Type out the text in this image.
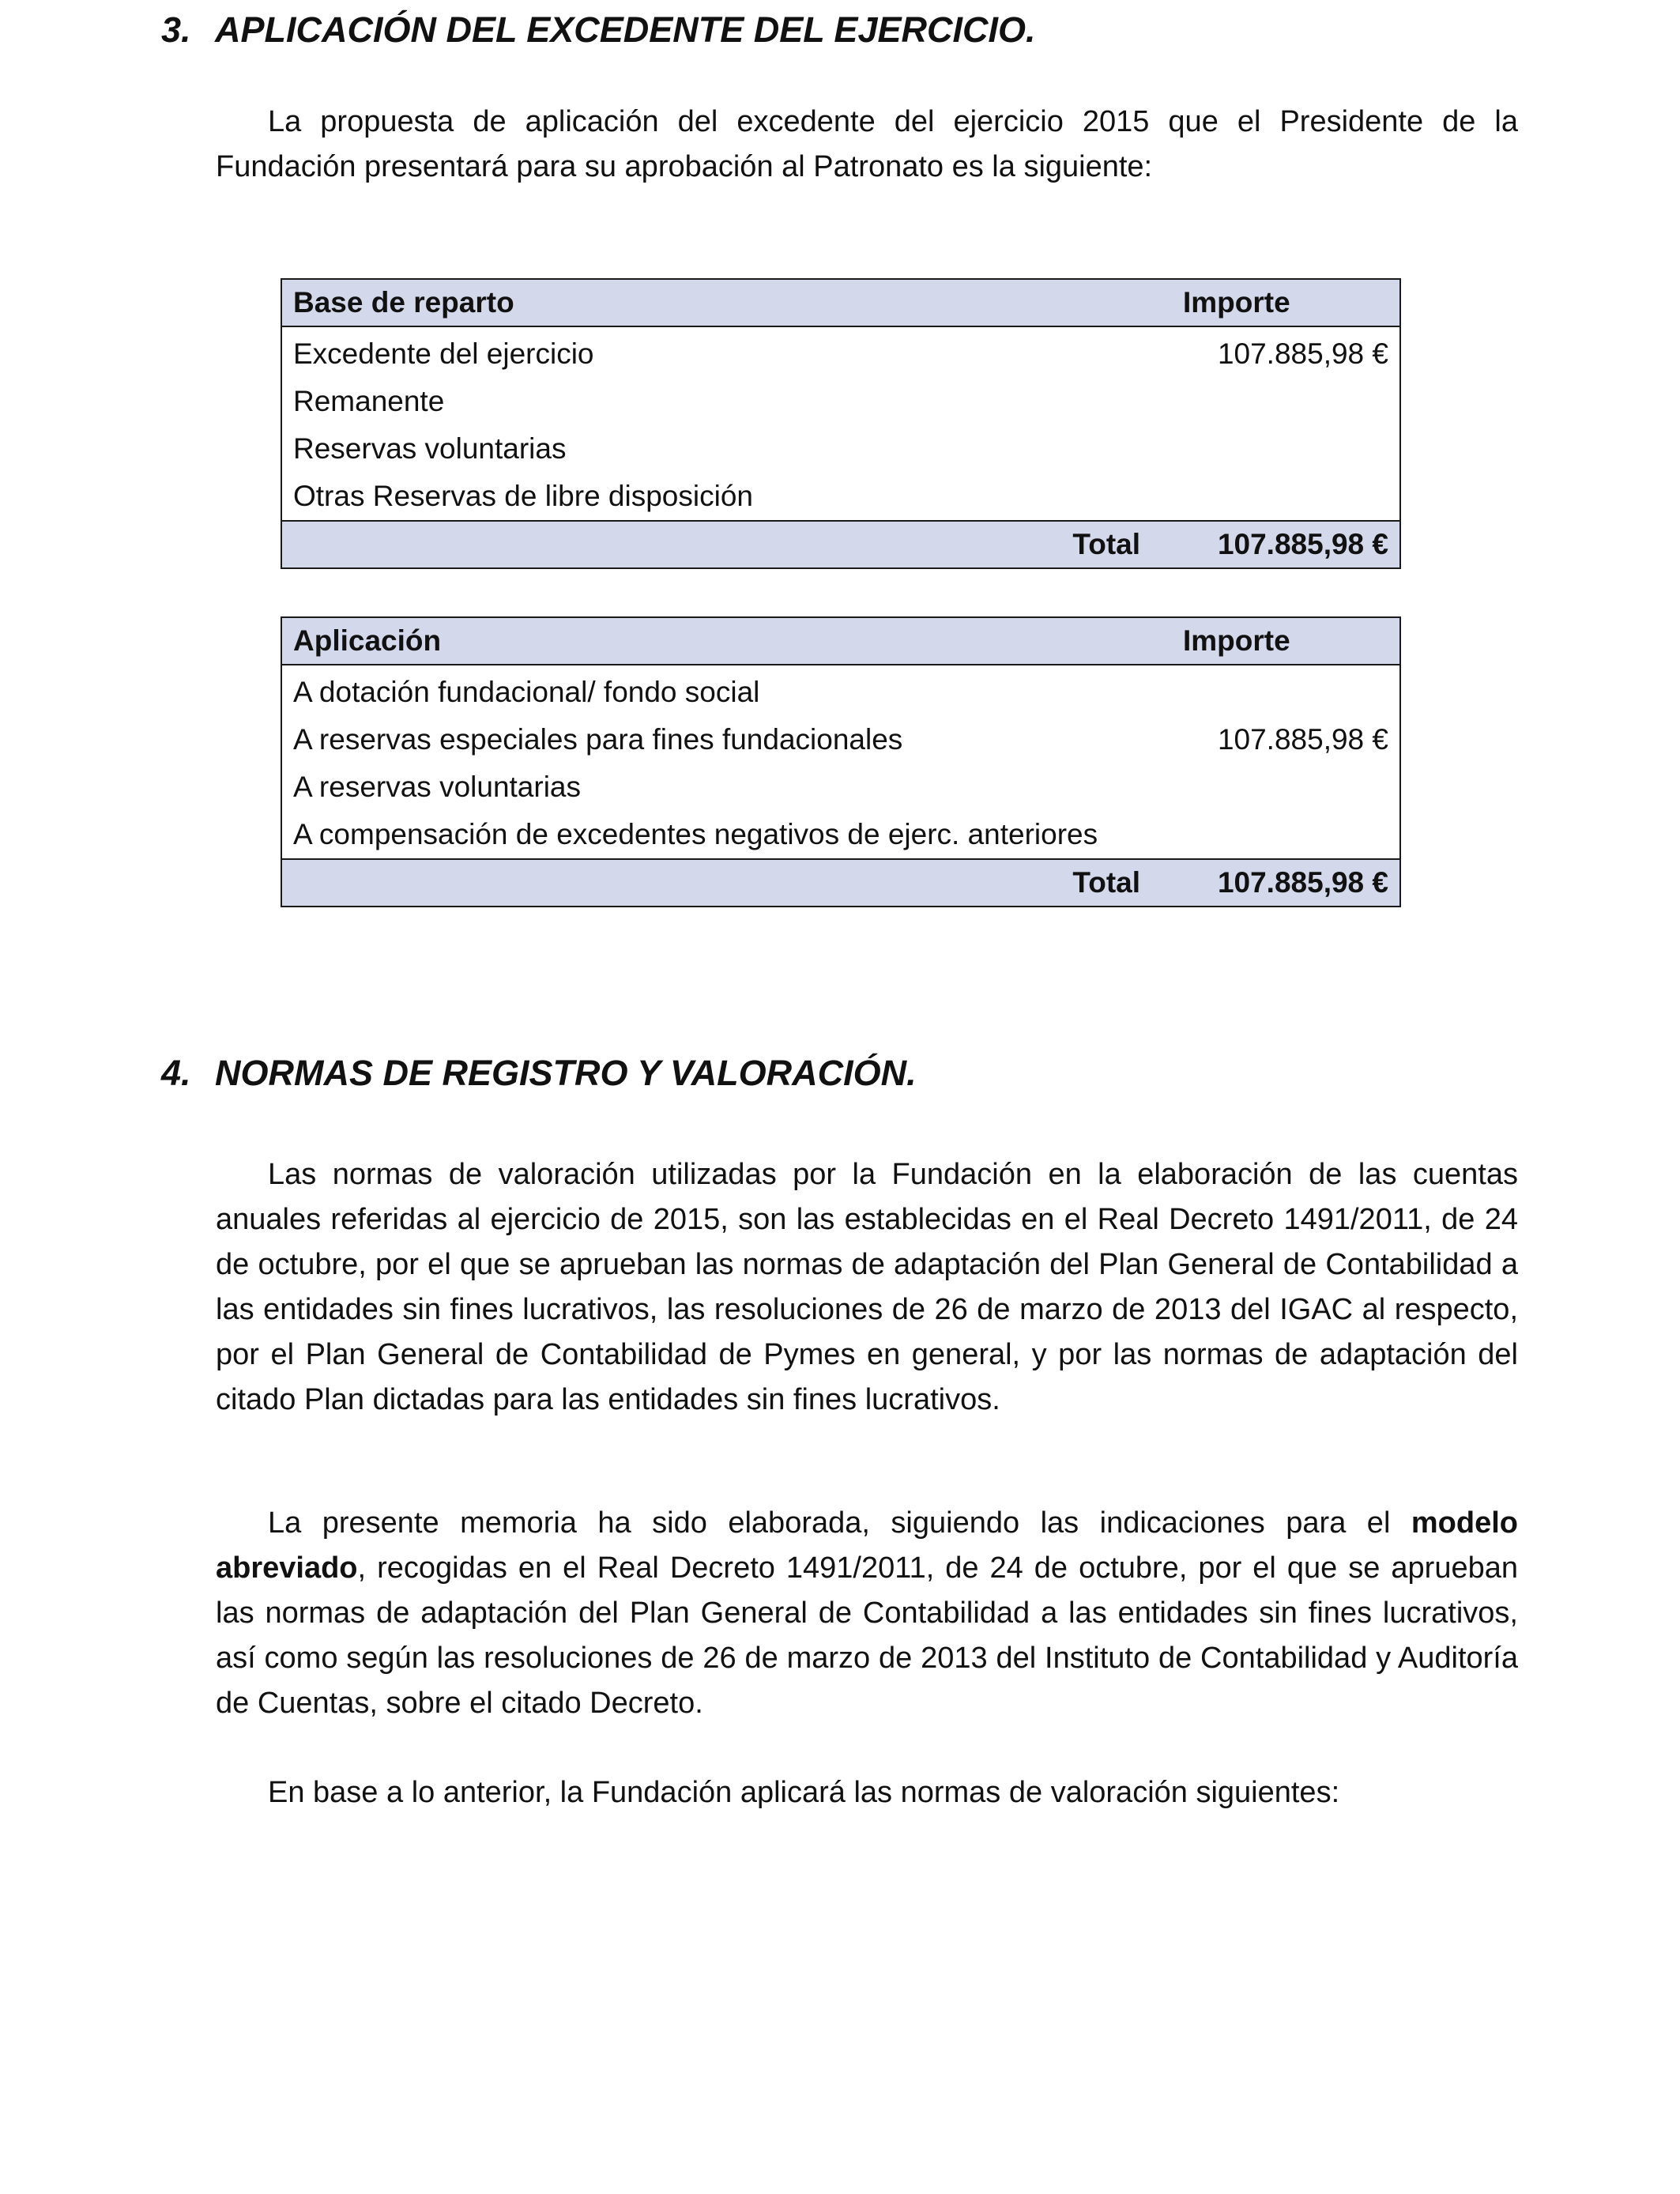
3. APLICACIÓN DEL EXCEDENTE DEL EJERCICIO.

La propuesta de aplicación del excedente del ejercicio 2015 que el Presidente de la Fundación presentará para su aprobación al Patronato es la siguiente:

Base de reparto	Importe
Excedente del ejercicio	107.885,98 €
Remanente	
Reservas voluntarias	
Otras Reservas de libre disposición	
Total	107.885,98 €
Aplicación	Importe
A dotación fundacional/ fondo social	
A reservas especiales para fines fundacionales	107.885,98 €
A reservas voluntarias	
A compensación de excedentes negativos de ejerc. anteriores	
Total	107.885,98 €
4. NORMAS DE REGISTRO Y VALORACIÓN.

Las normas de valoración utilizadas por la Fundación en la elaboración de las cuentas anuales referidas al ejercicio de 2015, son las establecidas en el Real Decreto 1491/2011, de 24 de octubre, por el que se aprueban las normas de adaptación del Plan General de Contabilidad a las entidades sin fines lucrativos, las resoluciones de 26 de marzo de 2013 del IGAC al respecto, por el Plan General de Contabilidad de Pymes en general, y por las normas de adaptación del citado Plan dictadas para las entidades sin fines lucrativos.

La presente memoria ha sido elaborada, siguiendo las indicaciones para el modelo abreviado, recogidas en el Real Decreto 1491/2011, de 24 de octubre, por el que se aprueban las normas de adaptación del Plan General de Contabilidad a las entidades sin fines lucrativos, así como según las resoluciones de 26 de marzo de 2013 del Instituto de Contabilidad y Auditoría de Cuentas, sobre el citado Decreto.

En base a lo anterior, la Fundación aplicará las normas de valoración siguientes:
